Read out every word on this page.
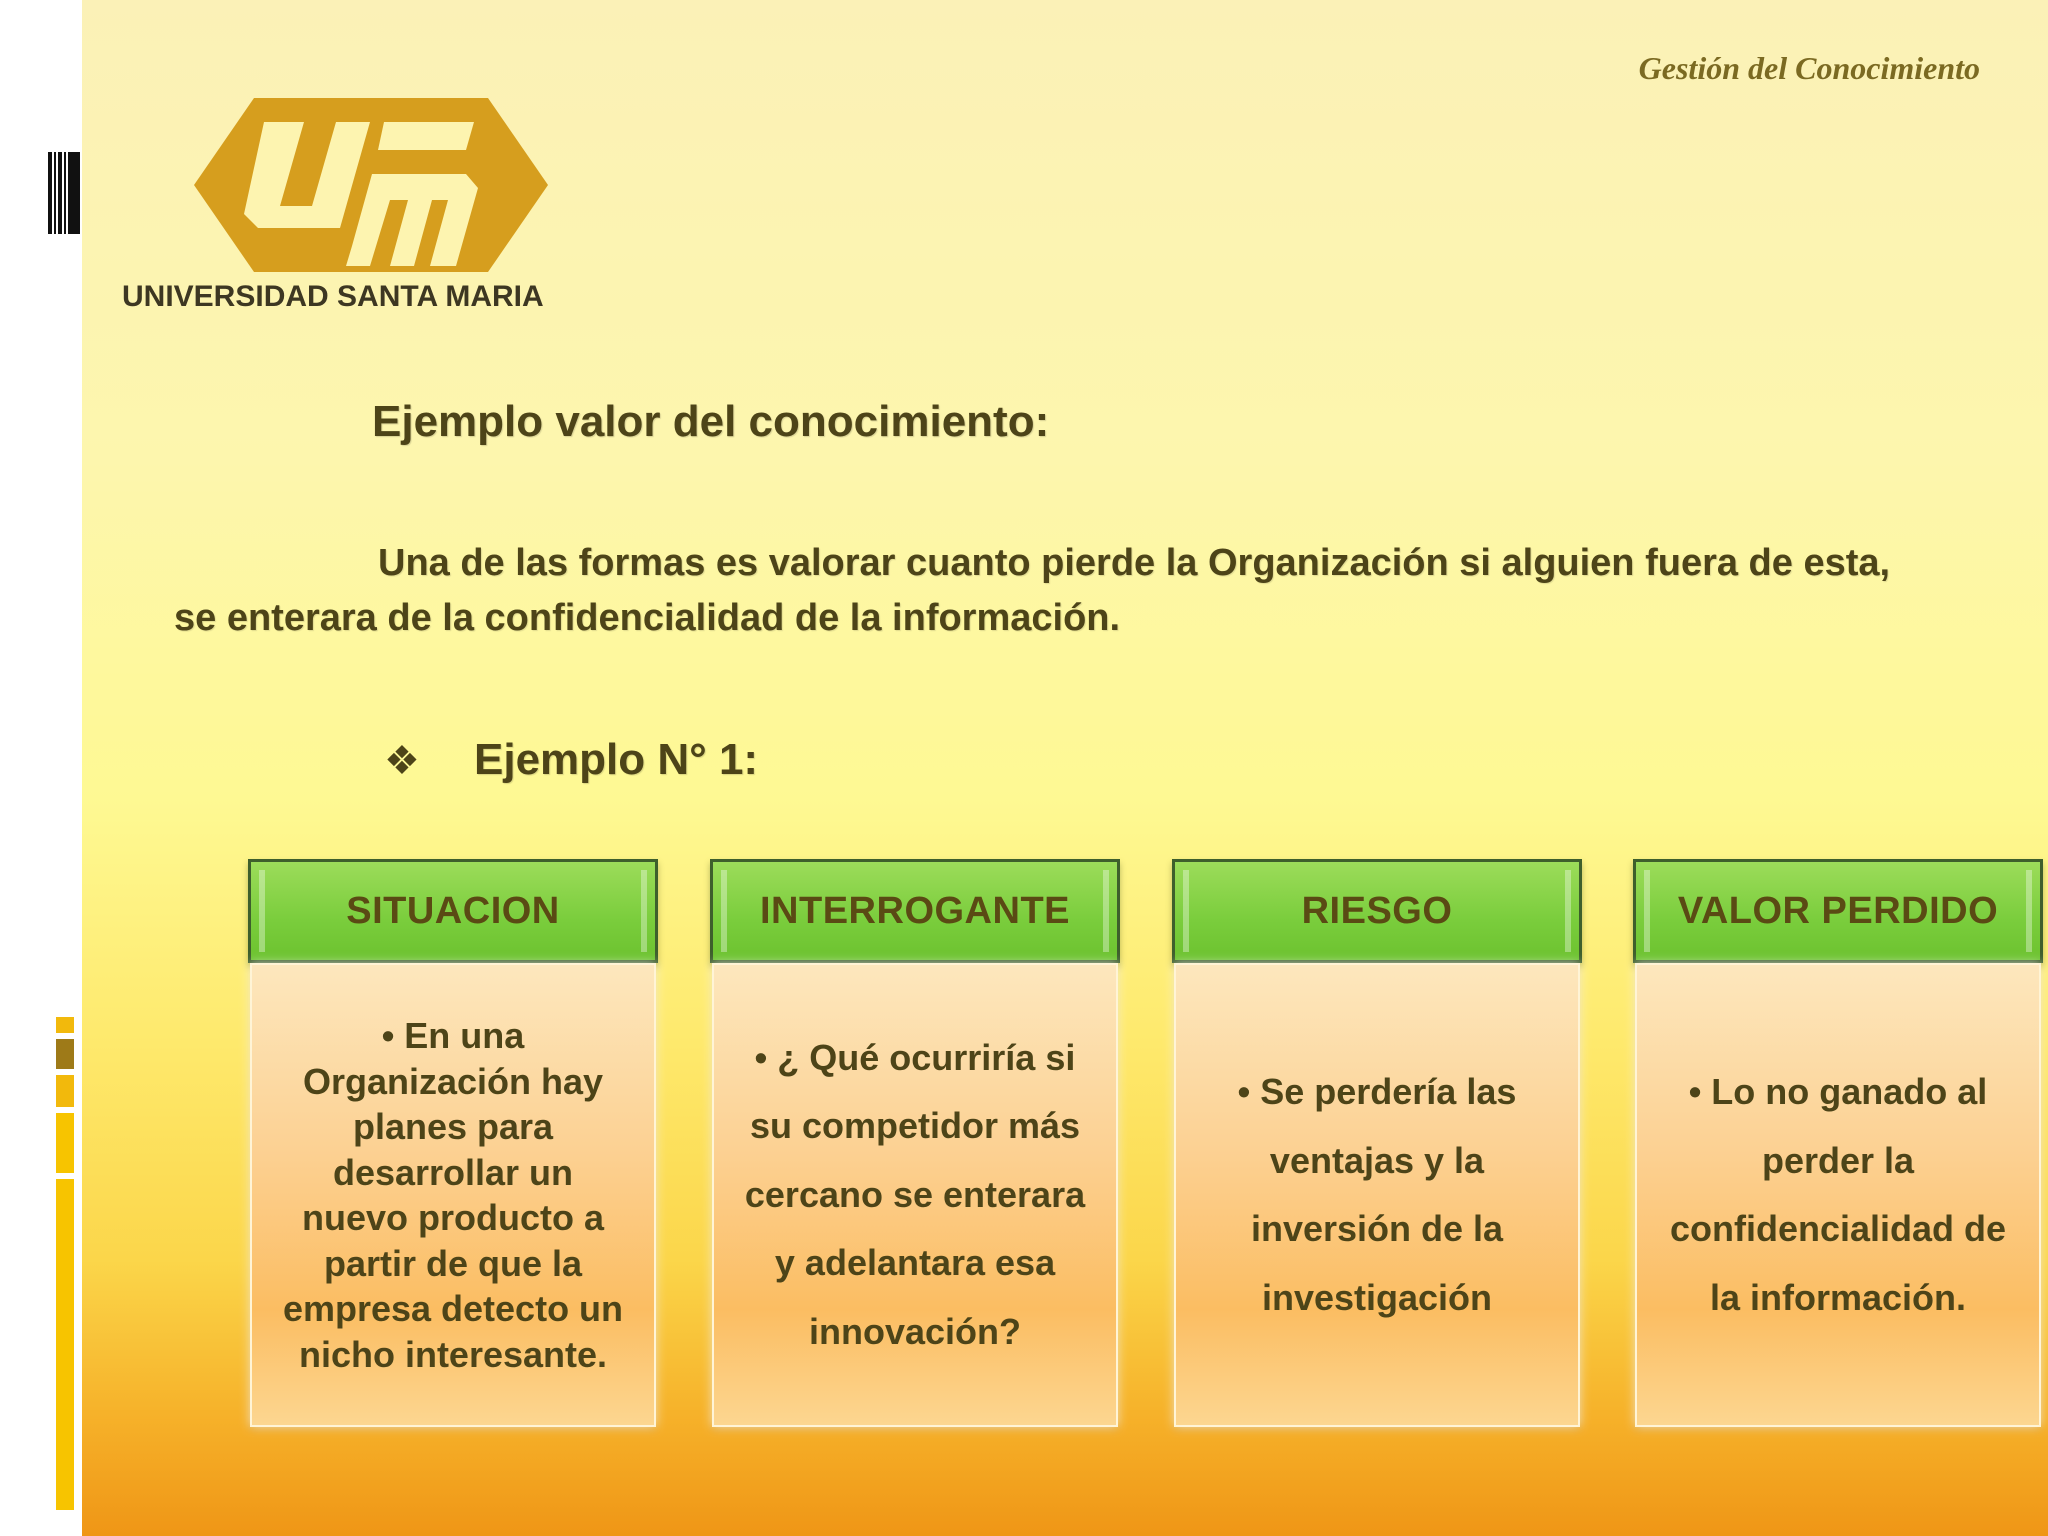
Gestión del Conocimiento
UNIVERSIDAD SANTA MARIA
Ejemplo valor del conocimiento:
Una de las formas es valorar cuanto pierde la Organización si alguien fuera de esta, se enterara de la confidencialidad de la información.
❖ Ejemplo N° 1:
SITUACION

• En una Organización hay planes para desarrollar un nuevo producto a partir de que la empresa detecto un nicho interesante.

INTERROGANTE

• ¿ Qué ocurriría si su competidor más cercano se enterara y adelantara esa innovación?

RIESGO

• Se perdería las ventajas y la inversión de la investigación

VALOR PERDIDO

• Lo no ganado al perder la confidencialidad de la información.
